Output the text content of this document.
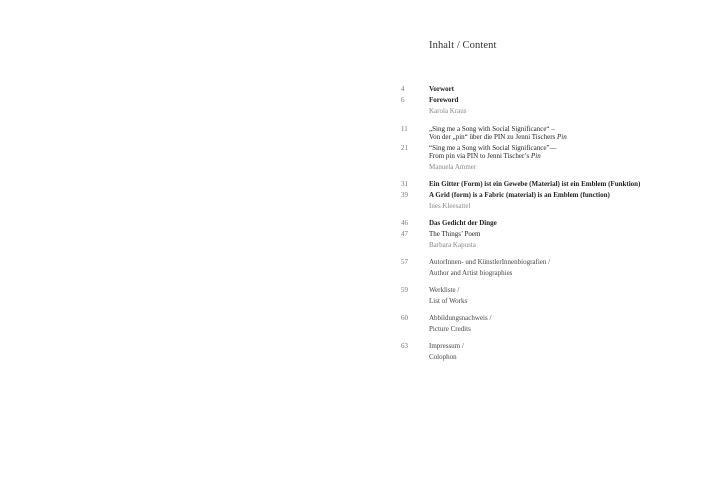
Inhalt / Content
4	Vorwort
6	Foreword
Karola Kraus
11	„Sing me a Song with Social Significance“ –
Von der „pin“ über die PIN zu Jenni Tischers Pin
21	“Sing me a Song with Social Significance”—
From pin via PIN to Jenni Tischer’s Pin
Manuela Ammer
31	Ein Gitter (Form) ist ein Gewebe (Material) ist ein Emblem (Funktion)
39	A Grid (form) is a Fabric (material) is an Emblem (function)
Ines Kleesattel
46	Das Gedicht der Dinge
47	The Things’ Poem
Barbara Kapusta
57	AutorInnen- und KünstlerInnenbiografien /
Author and Artist biographies
59	Werkliste /
List of Works
60	Abbildungsnachweis /
Picture Credits
63	Impressum /
Colophon
